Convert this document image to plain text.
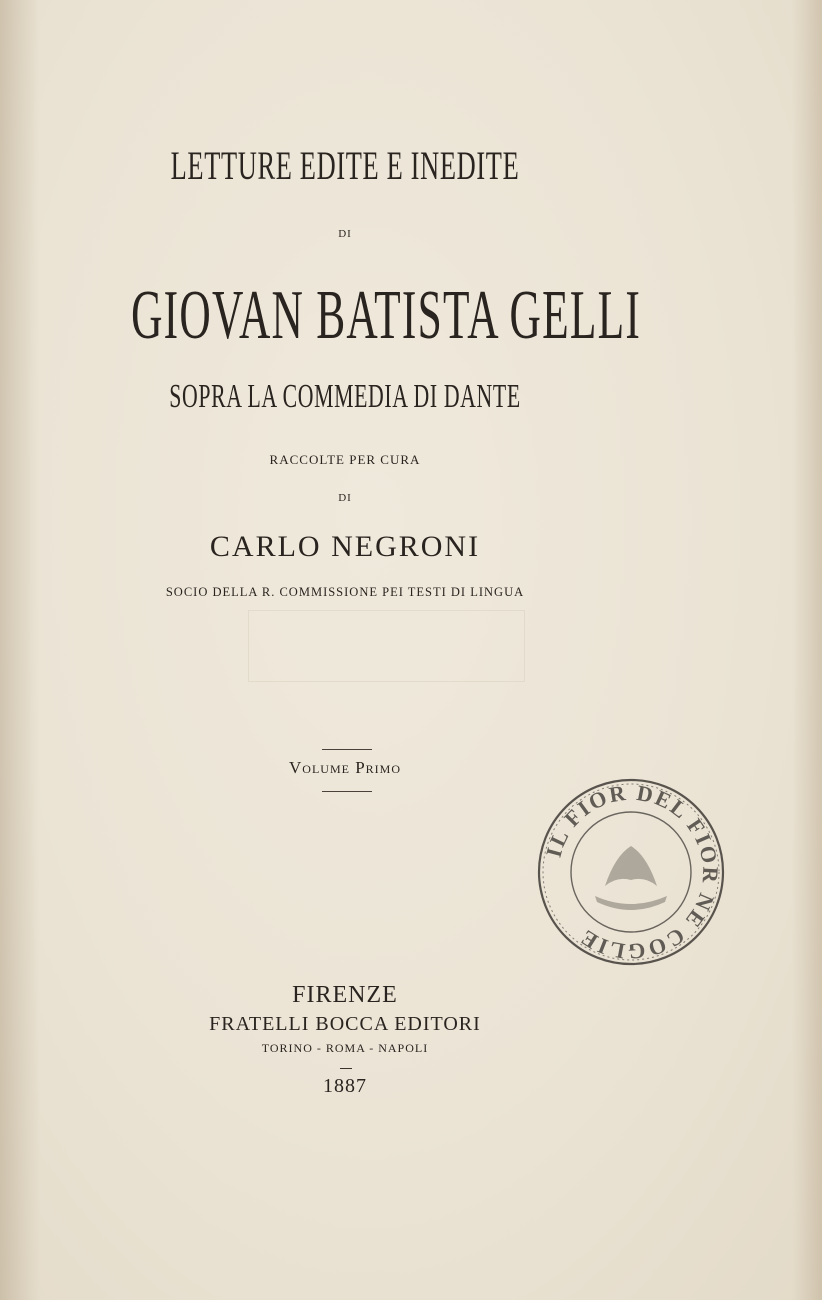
LETTURE EDITE E INEDITE
DI
GIOVAN BATISTA GELLI
SOPRA LA COMMEDIA DI DANTE
RACCOLTE PER CURA
DI
CARLO NEGRONI
SOCIO DELLA R. COMMISSIONE PEI TESTI DI LINGUA
Volume Primo
FIRENZE
FRATELLI BOCCA EDITORI
TORINO - ROMA - NAPOLI
1887
IL FIOR DEL FIOR NE COGLIE
